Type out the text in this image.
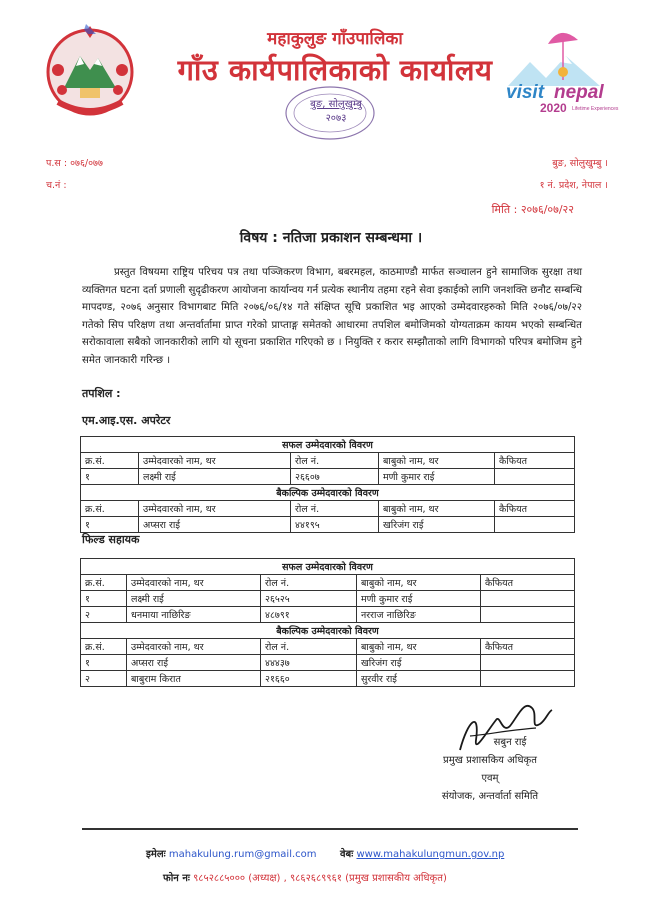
महाकुलुङ गाँउपालिका
गाँउ कार्यपालिकाको कार्यालय
बुङ, सोलुखुम्बु
२०७३
visit nepal
2020 Lifetime Experiences
प.स : ०७६/०७७
च.नं :
बुङ, सोलुखुम्बु ।
१ नं. प्रदेश, नेपाल ।
मिति : २०७६/०७/२२
विषय : नतिजा प्रकाशन सम्बन्धमा ।
प्रस्तुत विषयमा राष्ट्रिय परिचय पत्र तथा पञ्जिकरण विभाग, बबरमहल, काठमाण्डौ मार्फत सञ्चालन हुने सामाजिक सुरक्षा तथा व्यक्तिगत घटना दर्ता प्रणाली सुदृढीकरण आयोजना कार्यान्वय गर्न प्रत्येक स्थानीय तहमा रहने सेवा इकाईको लागि जनशक्ति छनौट सम्बन्धि मापदण्ड, २०७६ अनुसार विभागबाट मिति २०७६/०६/१४ गते संक्षिप्त सूचि प्रकाशित भइ आएको उम्मेदवारहरुको मिति २०७६/०७/२२ गतेको सिप परिक्षण तथा अन्तर्वार्तामा प्राप्त गरेको प्राप्ताङ्ग समेतको आधारमा तपशिल बमोजिमको योग्यताक्रम कायम भएको सम्बन्धित सरोकावाला सबैको जानकारीको लागि यो सूचना प्रकाशित गरिएको छ । नियुक्ति र करार सम्झौताको लागि विभागको परिपत्र बमोजिम हुने समेत जानकारी गरिन्छ ।
तपशिल :
एम.आइ.एस. अपरेटर
सफल उम्मेदवारको विवरण				
क्र.सं.	उम्मेदवारको नाम, थर	रोल नं.	बाबुको नाम, थर	कैफियत
१	लक्ष्मी राई	२६६०७	मणी कुमार राई	
बैकल्पिक उम्मेदवारको विवरण				
क्र.सं.	उम्मेदवारको नाम, थर	रोल नं.	बाबुको नाम, थर	कैफियत
१	अप्सरा राई	४४१९५	खरिजंग राई	
फिल्ड सहायक
सफल उम्मेदवारको विवरण				
क्र.सं.	उम्मेदवारको नाम, थर	रोल नं.	बाबुको नाम, थर	कैफियत
१	लक्ष्मी राई	२६५२५	मणी कुमार राई	
२	धनमाया नाछिरिङ	४८७९१	नरराज नाछिरिङ	
बैकल्पिक उम्मेदवारको विवरण				
क्र.सं.	उम्मेदवारको नाम, थर	रोल नं.	बाबुको नाम, थर	कैफियत
१	अप्सरा राई	४४४३७	खरिजंग राई	
२	बाबुराम किरात	२१६६०	सुरवीर राई	
सबुन राई
प्रमुख प्रशासकिय अधिकृत
एवम्
संयोजक, अन्तर्वार्ता समिति
इमेलः mahakulung.rum@gmail.com वेबः www.mahakulungmun.gov.np
फोन नः ९८५२८८५००० (अध्यक्ष) , ९८६२६८९९६१ (प्रमुख प्रशासकीय अधिकृत)
